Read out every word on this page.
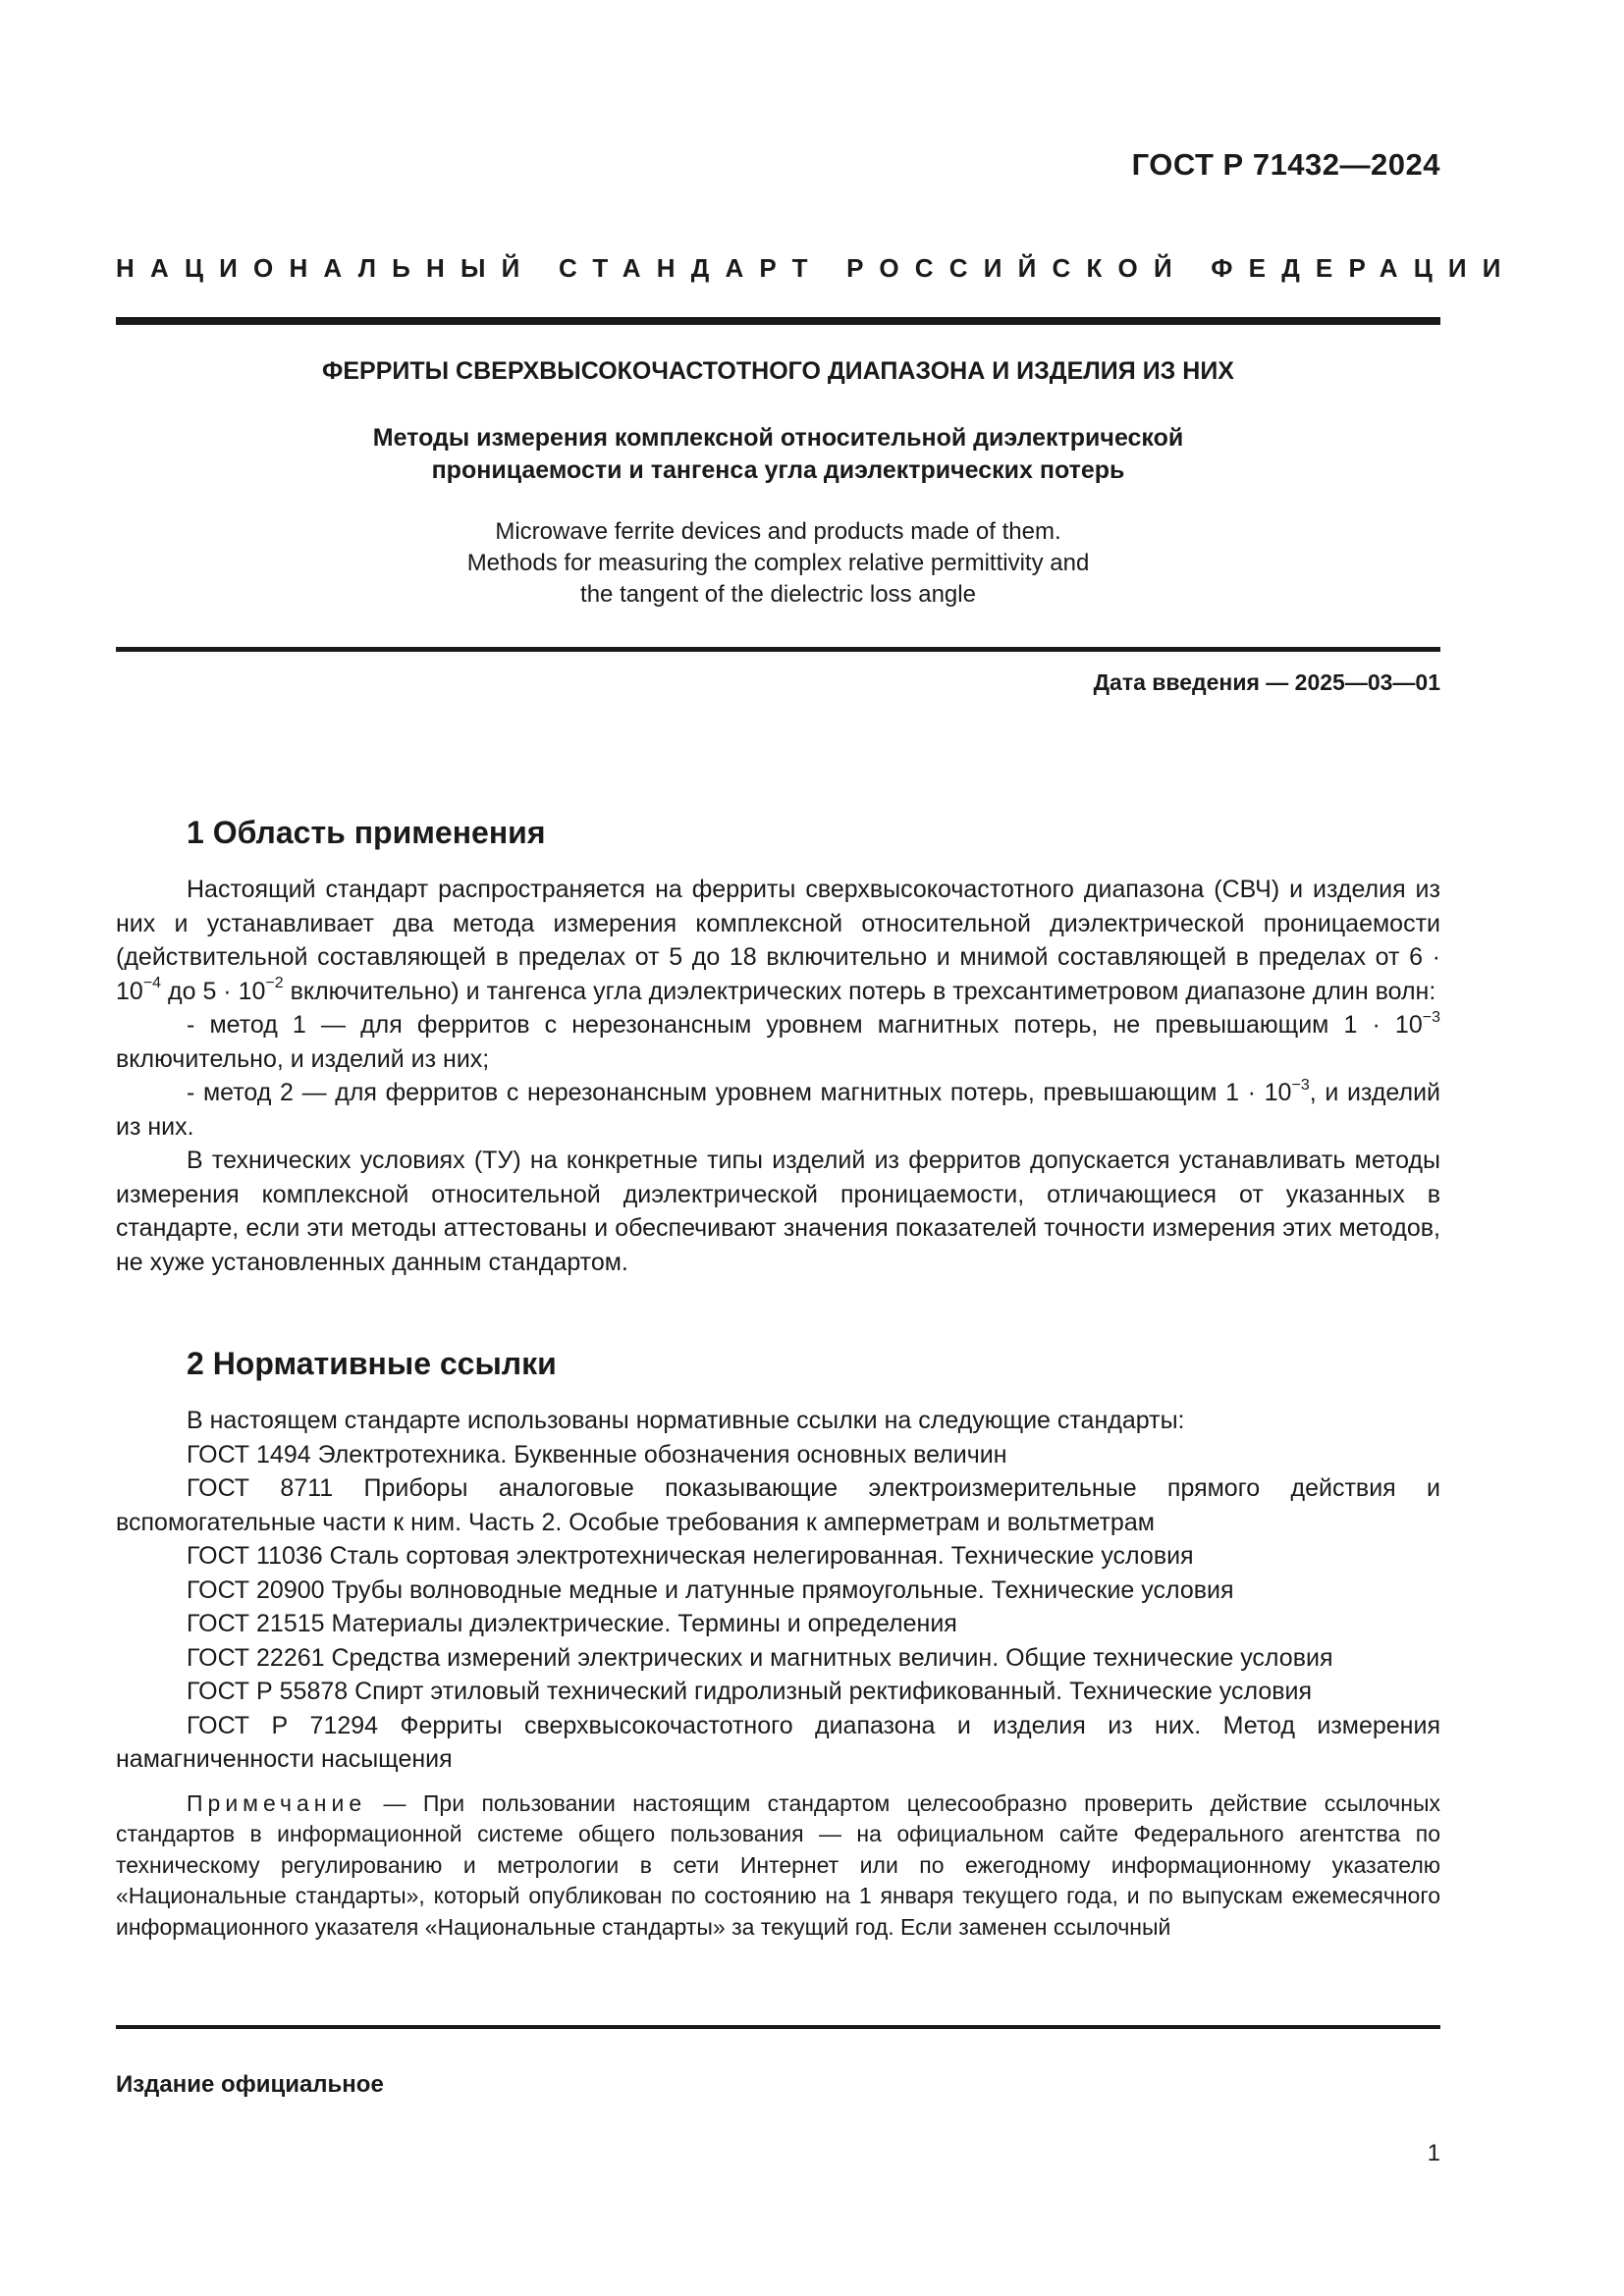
ГОСТ Р 71432—2024
НАЦИОНАЛЬНЫЙ СТАНДАРТ РОССИЙСКОЙ ФЕДЕРАЦИИ
ФЕРРИТЫ СВЕРХВЫСОКОЧАСТОТНОГО ДИАПАЗОНА И ИЗДЕЛИЯ ИЗ НИХ
Методы измерения комплексной относительной диэлектрической
проницаемости и тангенса угла диэлектрических потерь
Microwave ferrite devices and products made of them.
Methods for measuring the complex relative permittivity and
the tangent of the dielectric loss angle
Дата введения — 2025—03—01
1 Область применения

Настоящий стандарт распространяется на ферриты сверхвысокочастотного диапазона (СВЧ) и изделия из них и устанавливает два метода измерения комплексной относительной диэлектрической проницаемости (действительной составляющей в пределах от 5 до 18 включительно и мнимой составляющей в пределах от $6 \cdot 10^{-4}$ до $5 \cdot 10^{-2}$ включительно) и тангенса угла диэлектрических потерь в трехсантиметровом диапазоне длин волн:

- метод 1 — для ферритов с нерезонансным уровнем магнитных потерь, не превышающим $1 \cdot 10^{-3}$ включительно, и изделий из них;

- метод 2 — для ферритов с нерезонансным уровнем магнитных потерь, превышающим $1 \cdot 10^{-3}$, и изделий из них.

В технических условиях (ТУ) на конкретные типы изделий из ферритов допускается устанавливать методы измерения комплексной относительной диэлектрической проницаемости, отличающиеся от указанных в стандарте, если эти методы аттестованы и обеспечивают значения показателей точности измерения этих методов, не хуже установленных данным стандартом.

2 Нормативные ссылки

В настоящем стандарте использованы нормативные ссылки на следующие стандарты:

ГОСТ 1494 Электротехника. Буквенные обозначения основных величин

ГОСТ 8711 Приборы аналоговые показывающие электроизмерительные прямого действия и вспомогательные части к ним. Часть 2. Особые требования к амперметрам и вольтметрам

ГОСТ 11036 Сталь сортовая электротехническая нелегированная. Технические условия

ГОСТ 20900 Трубы волноводные медные и латунные прямоугольные. Технические условия

ГОСТ 21515 Материалы диэлектрические. Термины и определения

ГОСТ 22261 Средства измерений электрических и магнитных величин. Общие технические условия

ГОСТ Р 55878 Спирт этиловый технический гидролизный ректификованный. Технические условия

ГОСТ Р 71294 Ферриты сверхвысокочастотного диапазона и изделия из них. Метод измерения намагниченности насыщения

Примечание — При пользовании настоящим стандартом целесообразно проверить действие ссылочных стандартов в информационной системе общего пользования — на официальном сайте Федерального агентства по техническому регулированию и метрологии в сети Интернет или по ежегодному информационному указателю «Национальные стандарты», который опубликован по состоянию на 1 января текущего года, и по выпускам ежемесячного информационного указателя «Национальные стандарты» за текущий год. Если заменен ссылочный

Издание официальное
1
